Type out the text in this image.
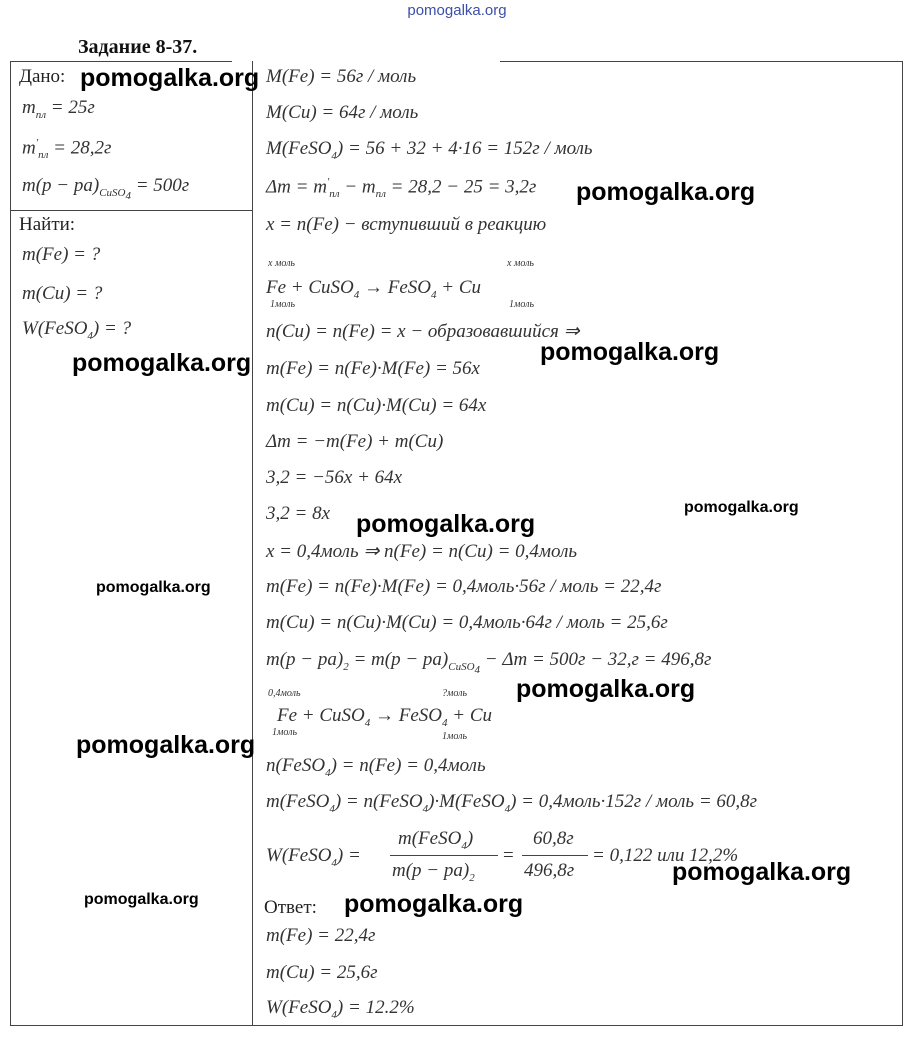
pomogalka.org
Задание 8-37.
Дано:
$m_{пл} = 25г$
$m'_{пл} = 28,2г$
$m(p - pa)_{CuSO_4} = 500г$
Найти:
m(Fe) = ?
m(Cu) = ?
W(FeSO$_4$) = ?
M(Fe) = 56г / моль
M(Cu) = 64г / моль
M(FeSO$_4$) = 56 + 32 + 4·16 = 152г / моль
$\Delta m = m'_{пл} - m_{пл} = 28,2 - 25 = 3,2г$
x = n(Fe) − вступивший в реакцию
x моль	x моль
Fe + CuSO$_4$ → FeSO$_4$ + Cu
1моль	1моль
n(Cu) = n(Fe) = x − образовавшийся ⇒
m(Fe) = n(Fe)·M(Fe) = 56x
m(Cu) = n(Cu)·M(Cu) = 64x
Δm = −m(Fe) + m(Cu)
3,2 = −56x + 64x
3,2 = 8x
x = 0,4моль ⇒ n(Fe) = n(Cu) = 0,4моль
m(Fe) = n(Fe)·M(Fe) = 0,4моль·56г / моль = 22,4г
m(Cu) = n(Cu)·M(Cu) = 0,4моль·64г / моль = 25,6г
$m(p - pa)_2 = m(p - pa)_{CuSO_4} - \Delta m = 500г - 32,г = 496,8г$
0,4моль	?моль
Fe + CuSO$_4$ → FeSO$_4$ + Cu
1моль	1моль
n(FeSO$_4$) = n(Fe) = 0,4моль
m(FeSO$_4$) = n(FeSO$_4$)·M(FeSO$_4$) = 0,4моль·152г / моль = 60,8г
W(FeSO$_4$) =
m(FeSO$_4$)
$m(p - pa)_2$
=
60,8г
496,8г
= 0,122 или 12,2%
Ответ:
m(Fe) = 22,4г
m(Cu) = 25,6г
W(FeSO$_4$) = 12.2%
pomogalka.org
pomogalka.org
pomogalka.org	pomogalka.org
pomogalka.org
pomogalka.org
pomogalka.org
pomogalka.org
pomogalka.org
pomogalka.org
pomogalka.org	pomogalka.org
